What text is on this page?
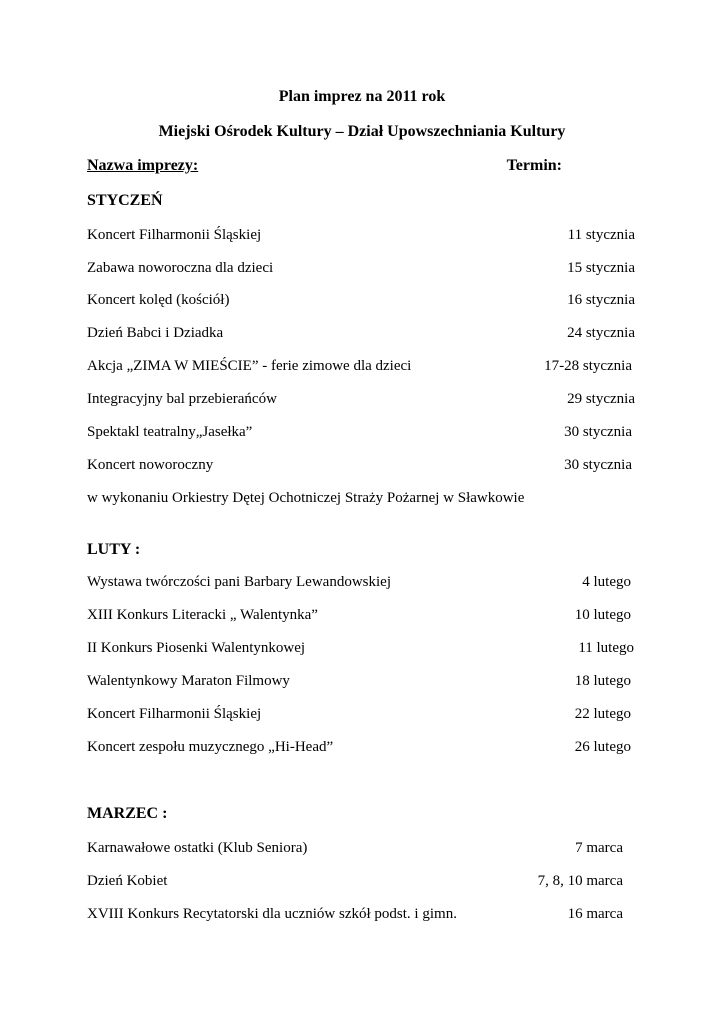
Plan imprez na 2011 rok
Miejski Ośrodek Kultury – Dział Upowszechniania Kultury
Nazwa imprezy:	Termin:
STYCZEŃ
Koncert Filharmonii Śląskiej	11 stycznia
Zabawa noworoczna dla dzieci	15 stycznia
Koncert kolęd (kościół)	16 stycznia
Dzień Babci i Dziadka	24 stycznia
Akcja „ZIMA W MIEŚCIE” - ferie zimowe dla dzieci	17-28 stycznia
Integracyjny bal przebierańców	29 stycznia
Spektakl teatralny„Jasełka”	30 stycznia
Koncert noworoczny	30 stycznia
w wykonaniu Orkiestry Dętej Ochotniczej Straży Pożarnej w Sławkowie
LUTY :
Wystawa twórczości pani Barbary Lewandowskiej	4 lutego
XIII Konkurs Literacki „ Walentynka”	10 lutego
II Konkurs Piosenki Walentynkowej	11 lutego
Walentynkowy Maraton Filmowy	18 lutego
Koncert Filharmonii Śląskiej	22 lutego
Koncert zespołu muzycznego „Hi-Head”	26 lutego
MARZEC :
Karnawałowe ostatki (Klub Seniora)	7 marca
Dzień Kobiet	7, 8, 10 marca
XVIII Konkurs Recytatorski dla uczniów szkół podst. i gimn.	16 marca
